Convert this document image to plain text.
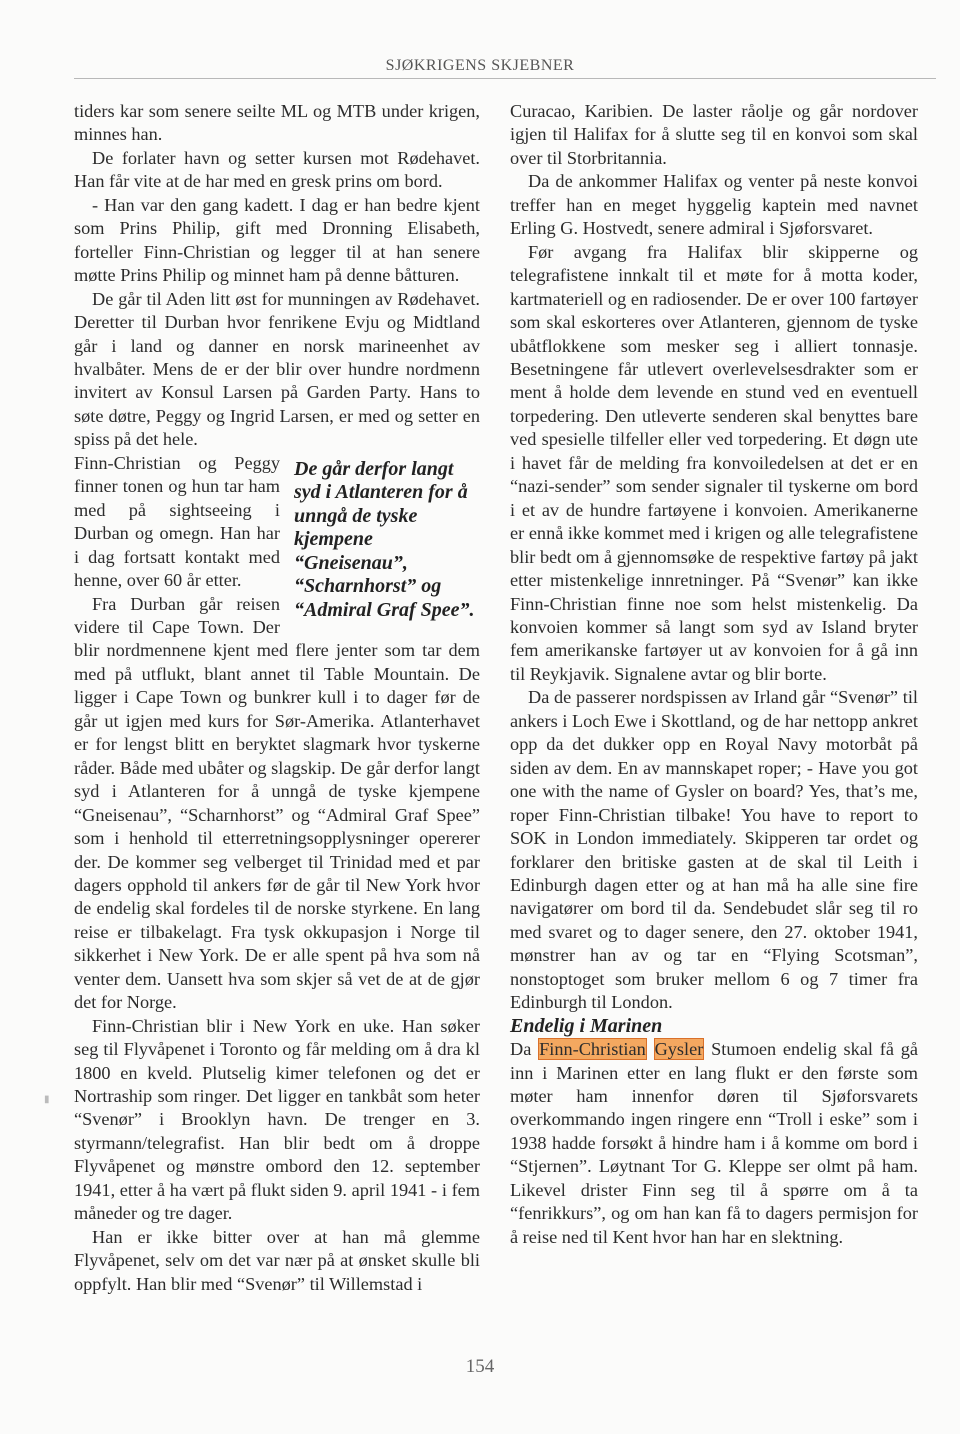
SJØKRIGENS SKJEBNER

tiders kar som senere seilte ML og MTB under krigen, minnes han.

De forlater havn og setter kursen mot Rødehavet. Han får vite at de har med en gresk prins om bord.

- Han var den gang kadett. I dag er han bedre kjent som Prins Philip, gift med Dronning Elisabeth, forteller Finn-Christian og legger til at han senere møtte Prins Philip og minnet ham på denne båtturen.

De går til Aden litt øst for munningen av Rødehavet. Deretter til Durban hvor fenrikene Evju og Midtland går i land og danner en norsk marineenhet av hvalbåter. Mens de er der blir over hundre nordmenn invitert av Konsul Larsen på Garden Party. Hans to søte døtre, Peggy og Ingrid Larsen, er med og setter en spiss på det hele.

De går derfor langt syd i Atlanteren for å unngå de tyske kjempene “Gneisenau”, “Scharnhorst” og “Admiral Graf Spee”.

Finn-Christian og Peggy finner tonen og hun tar ham med på sightseeing i Durban og omegn. Han har i dag fortsatt kontakt med henne, over 60 år etter.

Fra Durban går reisen videre til Cape Town. Der blir nordmennene kjent med flere jenter som tar dem med på utflukt, blant annet til Table Mountain. De ligger i Cape Town og bunkrer kull i to dager før de går ut igjen med kurs for Sør-Amerika. Atlanterhavet er for lengst blitt en beryktet slagmark hvor tyskerne råder. Både med ubåter og slagskip. De går derfor langt syd i Atlanteren for å unngå de tyske kjempene “Gneisenau”, “Scharnhorst” og “Admiral Graf Spee” som i henhold til etterretningsopplysninger opererer der. De kommer seg velberget til Trinidad med et par dagers opphold til ankers før de går til New York hvor de endelig skal fordeles til de norske styrkene. En lang reise er tilbakelagt. Fra tysk okkupasjon i Norge til sikkerhet i New York. De er alle spent på hva som nå venter dem. Uansett hva som skjer så vet de at de gjør det for Norge.

Finn-Christian blir i New York en uke. Han søker seg til Flyvåpenet i Toronto og får melding om å dra kl 1800 en kveld. Plutselig kimer telefonen og det er Nortraship som ringer. Det ligger en tankbåt som heter “Svenør” i Brooklyn havn. De trenger en 3. styrmann/telegrafist. Han blir bedt om å droppe Flyvåpenet og mønstre ombord den 12. september 1941, etter å ha vært på flukt siden 9. april 1941 - i fem måneder og tre dager.

Han er ikke bitter over at han må glemme Flyvåpenet, selv om det var nær på at ønsket skulle bli oppfylt. Han blir med “Svenør” til Willemstad i

Curacao, Karibien. De laster råolje og går nordover igjen til Halifax for å slutte seg til en konvoi som skal over til Storbritannia.

Da de ankommer Halifax og venter på neste konvoi treffer han en meget hyggelig kaptein med navnet Erling G. Hostvedt, senere admiral i Sjøforsvaret.

Før avgang fra Halifax blir skipperne og telegrafistene innkalt til et møte for å motta koder, kartmateriell og en radiosender. De er over 100 fartøyer som skal eskorteres over Atlanteren, gjennom de tyske ubåtflokkene som mesker seg i alliert tonnasje. Besetningene får utlevert overlevelsesdrakter som er ment å holde dem levende en stund ved en eventuell torpedering. Den utleverte senderen skal benyttes bare ved spesielle tilfeller eller ved torpedering. Et døgn ute i havet får de melding fra konvoiledelsen at det er en “nazi-sender” som sender signaler til tyskerne om bord i et av de hundre fartøyene i konvoien. Amerikanerne er ennå ikke kommet med i krigen og alle telegrafistene blir bedt om å gjennomsøke de respektive fartøy på jakt etter mistenkelige innretninger. På “Svenør” kan ikke Finn-Christian finne noe som helst mistenkelig. Da konvoien kommer så langt som syd av Island bryter fem amerikanske fartøyer ut av konvoien for å gå inn til Reykjavik. Signalene avtar og blir borte.

Da de passerer nordspissen av Irland går “Svenør” til ankers i Loch Ewe i Skottland, og de har nettopp ankret opp da det dukker opp en Royal Navy motorbåt på siden av dem. En av mannskapet roper; - Have you got one with the name of Gysler on board? Yes, that’s me, roper Finn-Christian tilbake! You have to report to SOK in London immediately. Skipperen tar ordet og forklarer den britiske gasten at de skal til Leith i Edinburgh dagen etter og at han må ha alle sine fire navigatører om bord til da. Sendebudet slår seg til ro med svaret og to dager senere, den 27. oktober 1941, mønstrer han av og tar en “Flying Scotsman”, nonstoptoget som bruker mellom 6 og 7 timer fra Edinburgh til London.

Endelig i Marinen

Da Finn-Christian Gysler Stumoen endelig skal få gå inn i Marinen etter en lang flukt er den første som møter ham innenfor døren til Sjøforsvarets overkommando ingen ringere enn “Troll i eske” som i 1938 hadde forsøkt å hindre ham i å komme om bord i “Stjernen”. Løytnant Tor G. Kleppe ser olmt på ham. Likevel drister Finn seg til å spørre om å ta “fenrikkurs”, og om han kan få to dagers permisjon for å reise ned til Kent hvor han har en slektning.

▮
154
